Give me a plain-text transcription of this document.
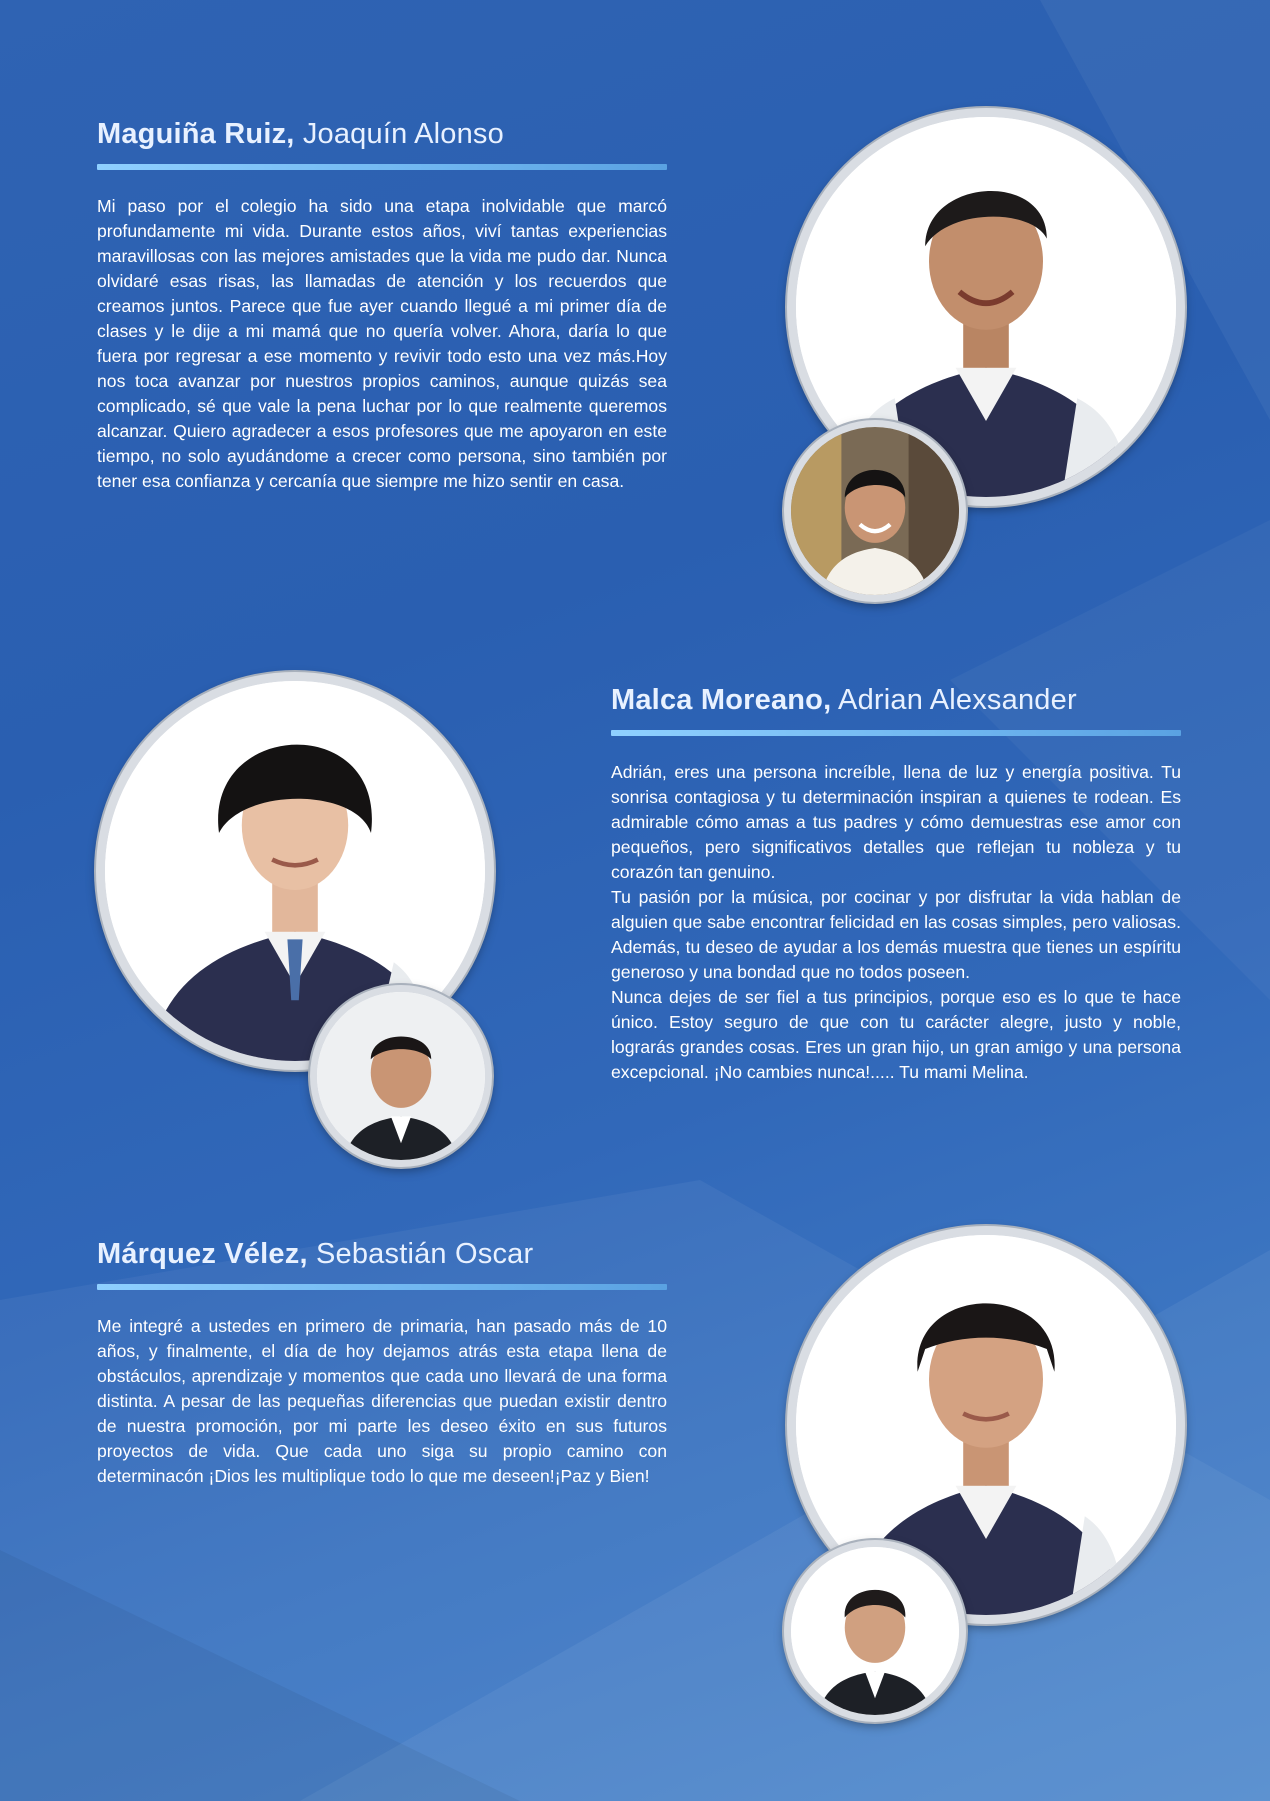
Maguiña Ruiz, Joaquín Alonso

Mi paso por el colegio ha sido una etapa inolvidable que marcó profundamente mi vida. Durante estos años, viví tantas experiencias maravillosas con las mejores amistades que la vida me pudo dar. Nunca olvidaré esas risas, las llamadas de atención y los recuerdos que creamos juntos. Parece que fue ayer cuando llegué a mi primer día de clases y le dije a mi mamá que no quería volver. Ahora, daría lo que fuera por regresar a ese momento y revivir todo esto una vez más.Hoy nos toca avanzar por nuestros propios caminos, aunque quizás sea complicado, sé que vale la pena luchar por lo que realmente queremos alcanzar. Quiero agradecer a esos profesores que me apoyaron en este tiempo, no solo ayudándome a crecer como persona, sino también por tener esa confianza y cercanía que siempre me hizo sentir en casa.

Malca Moreano, Adrian Alexsander

Adrián, eres una persona increíble, llena de luz y energía positiva. Tu sonrisa contagiosa y tu determinación inspiran a quienes te rodean. Es admirable cómo amas a tus padres y cómo demuestras ese amor con pequeños, pero significativos detalles que reflejan tu nobleza y tu corazón tan genuino.
Tu pasión por la música, por cocinar y por disfrutar la vida hablan de alguien que sabe encontrar felicidad en las cosas simples, pero valiosas. Además, tu deseo de ayudar a los demás muestra que tienes un espíritu generoso y una bondad que no todos poseen.
Nunca dejes de ser fiel a tus principios, porque eso es lo que te hace único. Estoy seguro de que con tu carácter alegre, justo y noble, lograrás grandes cosas. Eres un gran hijo, un gran amigo y una persona excepcional. ¡No cambies nunca!..... Tu mami Melina.

Márquez Vélez, Sebastián Oscar

Me integré a ustedes en primero de primaria, han pasado más de 10 años, y finalmente, el día de hoy dejamos atrás esta etapa llena de obstáculos, aprendizaje y momentos que cada uno llevará de una forma distinta. A pesar de las pequeñas diferencias que puedan existir dentro de nuestra promoción, por mi parte les deseo éxito en sus futuros proyectos de vida. Que cada uno siga su propio camino con determinacón ¡Dios les multiplique todo lo que me deseen!¡Paz y Bien!
